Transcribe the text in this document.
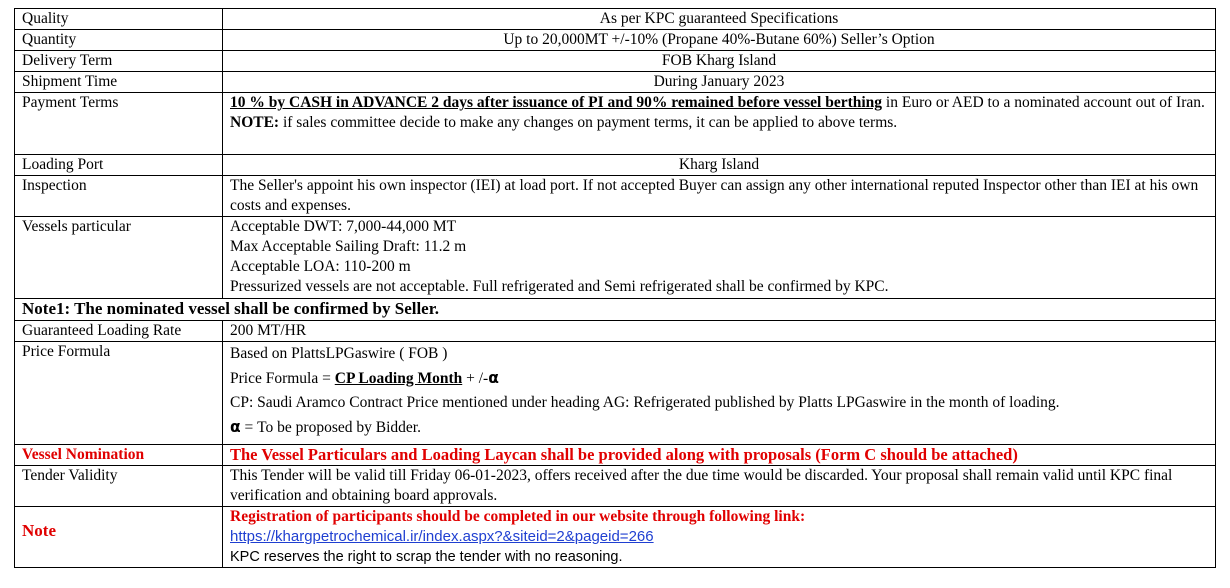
Quality	As per KPC guaranteed Specifications
Quantity	Up to 20,000MT +/-10% (Propane 40%-Butane 60%) Seller’s Option
Delivery Term	FOB Kharg Island
Shipment Time	During January 2023
Payment Terms	10 % by CASH in ADVANCE 2 days after issuance of PI and 90% remained before vessel berthing in Euro or AED to a nominated account out of Iran.
NOTE: if sales committee decide to make any changes on payment terms, it can be applied to above terms.
Loading Port	Kharg Island
Inspection	The Seller's appoint his own inspector (IEI) at load port. If not accepted Buyer can assign any other international reputed Inspector other than IEI at his own costs and expenses.
Vessels particular	Acceptable DWT: 7,000-44,000 MT
Max Acceptable Sailing Draft: 11.2 m
Acceptable LOA: 110-200 m
Pressurized vessels are not acceptable. Full refrigerated and Semi refrigerated shall be confirmed by KPC.

Note1: The nominated vessel shall be confirmed by Seller.	
Guaranteed Loading Rate	200 MT/HR
Price Formula	Based on PlattsLPGaswire ( FOB )
Price Formula = CP Loading Month + /-α
CP: Saudi Aramco Contract Price mentioned under heading AG: Refrigerated published by Platts LPGaswire in the month of loading.
α = To be proposed by Bidder.

Vessel Nomination	The Vessel Particulars and Loading Laycan shall be provided along with proposals (Form C should be attached)
Tender Validity	This Tender will be valid till Friday 06-01-2023, offers received after the due time would be discarded. Your proposal shall remain valid until KPC final verification and obtaining board approvals.
Note	Registration of participants should be completed in our website through following link:
https://khargpetrochemical.ir/index.aspx?&siteid=2&pageid=266
KPC reserves the right to scrap the tender with no reasoning.
